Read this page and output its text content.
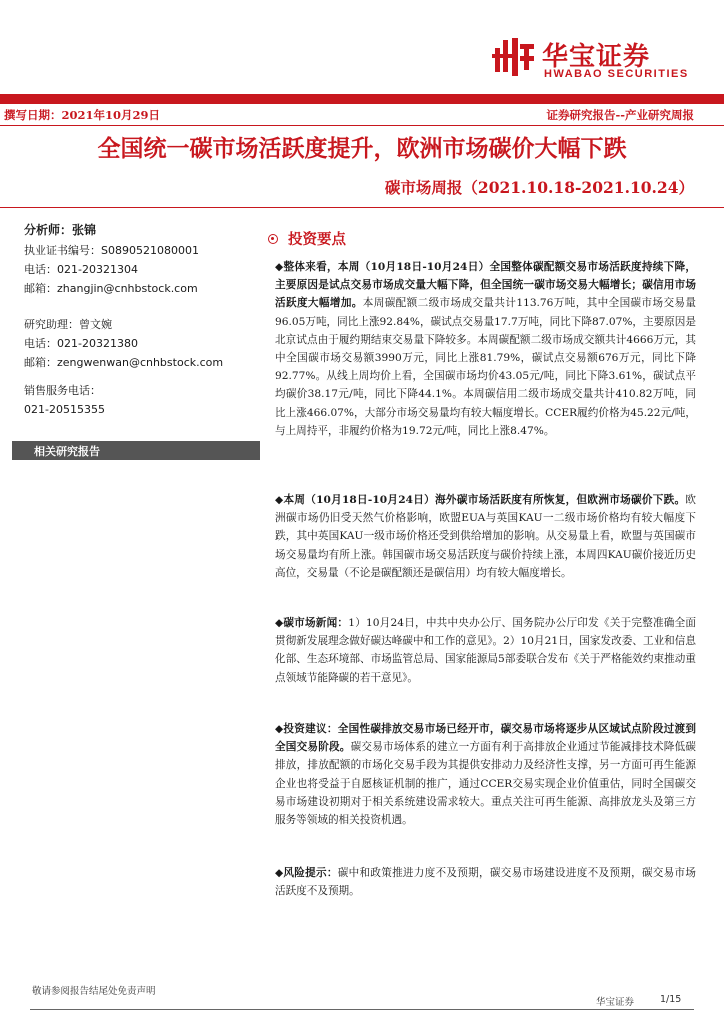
华宝证券
HWABAO SECURITIES
撰写日期：2021年10月29日	证券研究报告--产业研究周报
全国统一碳市场活跃度提升，欧洲市场碳价大幅下跌
碳市场周报（2021.10.18-2021.10.24）
分析师：张锦
执业证书编号：S0890521080001
电话：021-20321304
邮箱：zhangjin@cnhbstock.com
研究助理：曾文婉
电话：021-20321380
邮箱：zengwenwan@cnhbstock.com
销售服务电话：
021-20515355
相关研究报告
投资要点
◆整体来看，本周（10月18日-10月24日）全国整体碳配额交易市场活跃度持续下降，主要原因是试点交易市场成交量大幅下降，但全国统一碳市场交易大幅增长；碳信用市场活跃度大幅增加。本周碳配额二级市场成交量共计113.76万吨，其中全国碳市场交易量96.05万吨，同比上涨92.84%，碳试点交易量17.7万吨，同比下降87.07%，主要原因是北京试点由于履约期结束交易量下降较多。本周碳配额二级市场成交额共计4666万元，其中全国碳市场交易额3990万元，同比上涨81.79%，碳试点交易额676万元，同比下降92.77%。从线上周均价上看，全国碳市场均价43.05元/吨，同比下降3.61%，碳试点平均碳价38.17元/吨，同比下降44.1%。本周碳信用二级市场成交量共计410.82万吨，同比上涨466.07%，大部分市场交易量均有较大幅度增长。CCER履约价格为45.22元/吨，与上周持平，非履约价格为19.72元/吨，同比上涨8.47%。
◆本周（10月18日-10月24日）海外碳市场活跃度有所恢复，但欧洲市场碳价下跌。欧洲碳市场仍旧受天然气价格影响，欧盟EUA与英国KAU一二级市场价格均有较大幅度下跌，其中英国KAU一级市场价格还受到供给增加的影响。从交易量上看，欧盟与英国碳市场交易量均有所上涨。韩国碳市场交易活跃度与碳价持续上涨，本周四KAU碳价接近历史高位，交易量（不论是碳配额还是碳信用）均有较大幅度增长。
◆碳市场新闻：1）10月24日，中共中央办公厅、国务院办公厅印发《关于完整准确全面贯彻新发展理念做好碳达峰碳中和工作的意见》。2）10月21日，国家发改委、工业和信息化部、生态环境部、市场监管总局、国家能源局5部委联合发布《关于严格能效约束推动重点领域节能降碳的若干意见》。
◆投资建议：全国性碳排放交易市场已经开市，碳交易市场将逐步从区域试点阶段过渡到全国交易阶段。碳交易市场体系的建立一方面有利于高排放企业通过节能减排技术降低碳排放，排放配额的市场化交易手段为其提供安排动力及经济性支撑，另一方面可再生能源企业也将受益于自愿核证机制的推广，通过CCER交易实现企业价值重估，同时全国碳交易市场建设初期对于相关系统建设需求较大。重点关注可再生能源、高排放龙头及第三方服务等领域的相关投资机遇。
◆风险提示：碳中和政策推进力度不及预期，碳交易市场建设进度不及预期，碳交易市场活跃度不及预期。
敬请参阅报告结尾处免责声明
华宝证券	1/15
